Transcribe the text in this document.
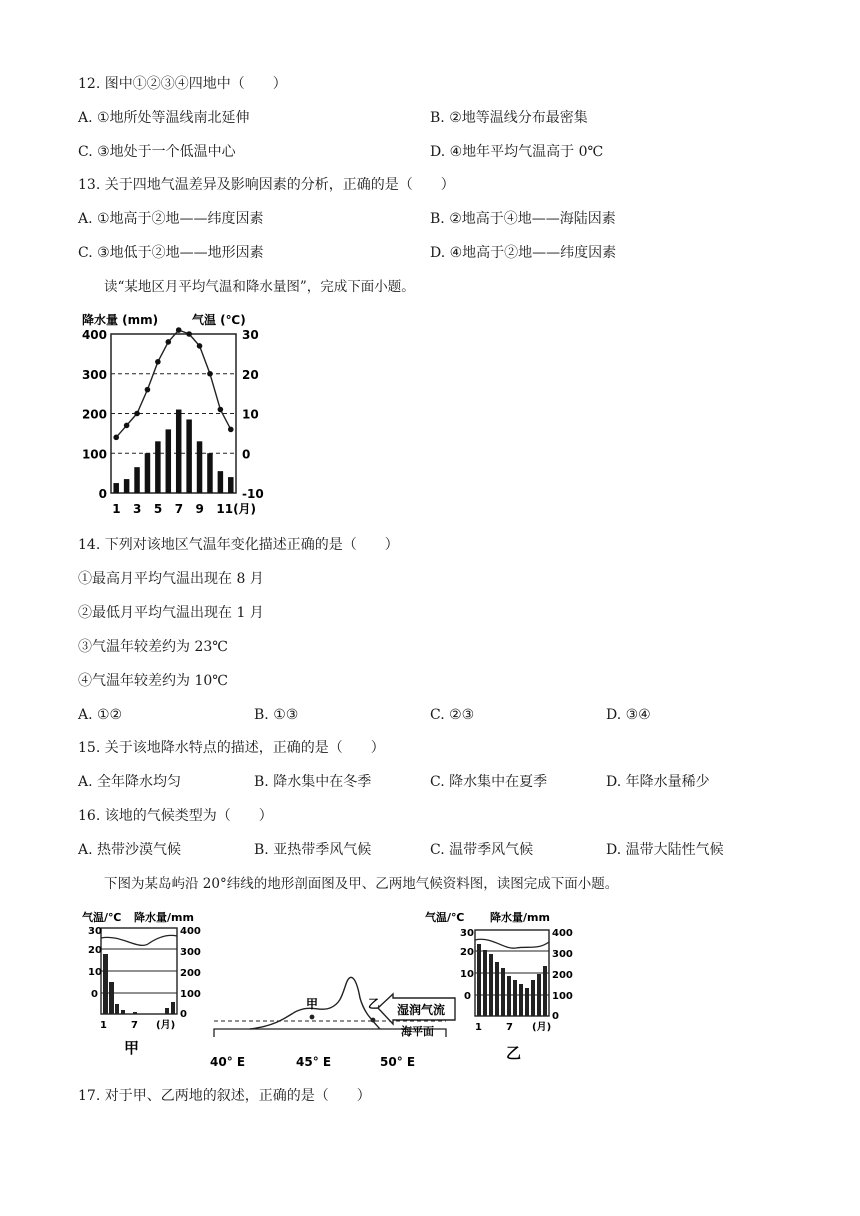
12. 图中①②③④四地中（　　）
A. ①地所处等温线南北延伸	B. ②地等温线分布最密集
C. ③地处于一个低温中心	D. ④地年平均气温高于 0℃
13. 关于四地气温差异及影响因素的分析，正确的是（　　）
A. ①地高于②地——纬度因素	B. ②地高于④地——海陆因素
C. ③地低于②地——地形因素	D. ④地高于②地——纬度因素
读“某地区月平均气温和降水量图”，完成下面小题。
降水量 (mm)	气温 (℃)
400
300
200
100
0
30
20
10
0
-10
1 3 5 7 9 11(月)
14. 下列对该地区气温年变化描述正确的是（　　）
①最高月平均气温出现在 8 月
②最低月平均气温出现在 1 月
③气温年较差约为 23℃
④气温年较差约为 10℃
A. ①②	B. ①③	C. ②③	D. ③④
15. 关于该地降水特点的描述，正确的是（　　）
A. 全年降水均匀	B. 降水集中在冬季	C. 降水集中在夏季	D. 年降水量稀少
16. 该地的气候类型为（　　）
A. 热带沙漠气候	B. 亚热带季风气候	C. 温带季风气候	D. 温带大陆性气候
下图为某岛屿沿 20°纬线的地形剖面图及甲、乙两地气候资料图，读图完成下面小题。
气温/℃ 降水量/mm
30
20
10
0
400
300
200
100
0
1 7 (月)
甲
甲	乙 湿润气流
海平面
40° E	45° E	50° E
气温/℃ 降水量/mm
30
20
10
0
400
300
200
100
0
1 7 (月)
乙
17. 对于甲、乙两地的叙述，正确的是（　　）
